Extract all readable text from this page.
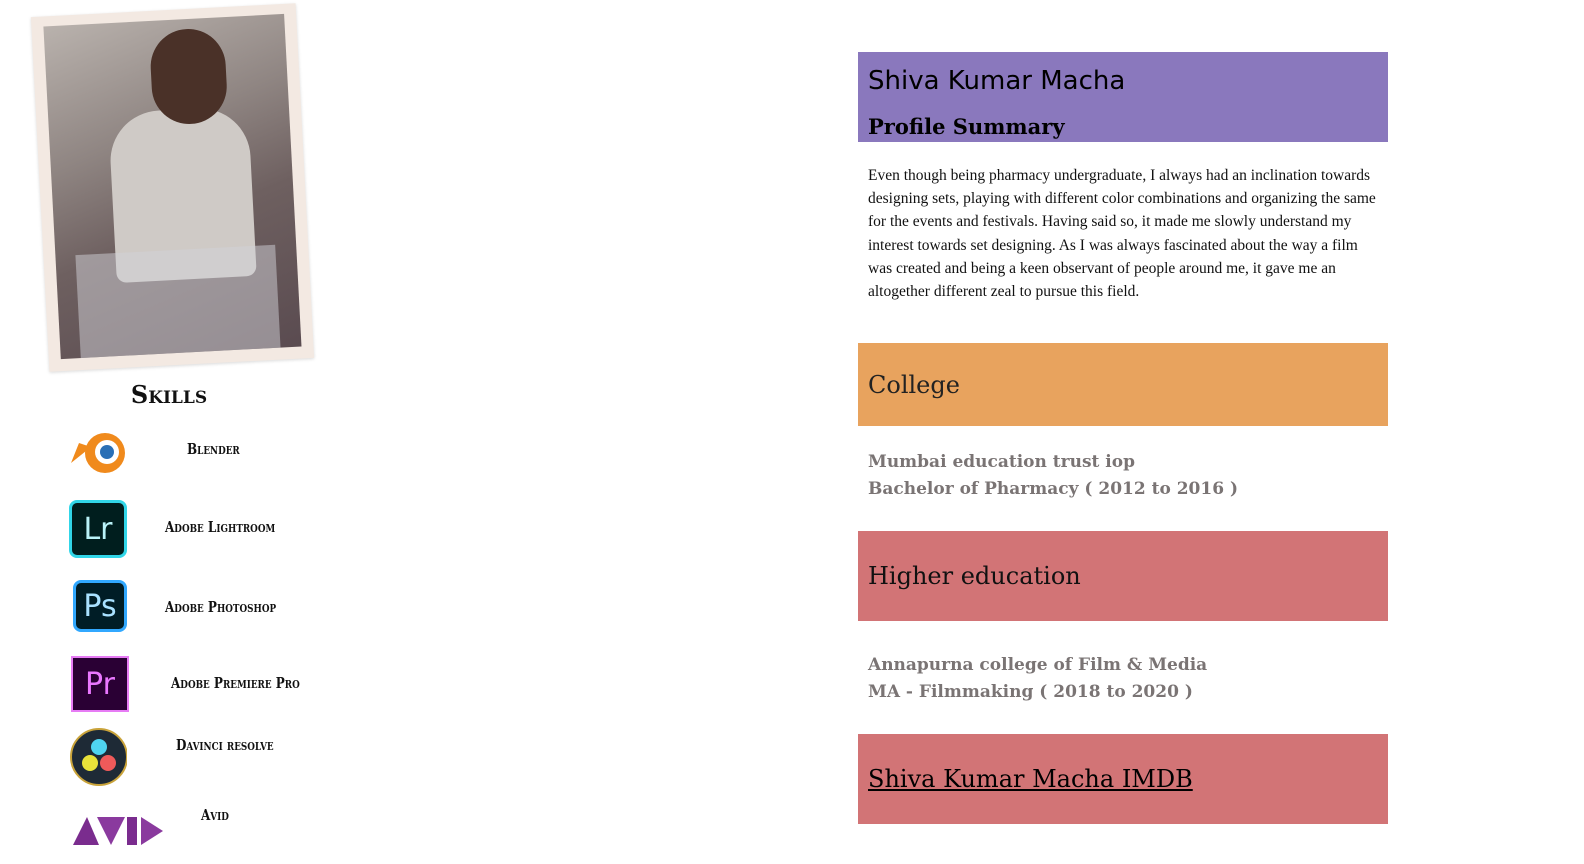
Skills
Blender
Lr	Adobe Lightroom
Ps	Adobe Photoshop
Pr	Adobe Premiere Pro
Davinci resolve
Avid
Shiva Kumar Macha
Profile Summary
Even though being pharmacy undergraduate, I always had an inclination towards designing sets, playing with different color combinations and organizing the same for the events and festivals. Having said so, it made me slowly understand my interest towards set designing. As I was always fascinated about the way a film was created and being a keen observant of people around me, it gave me an altogether different zeal to pursue this field.
College
Mumbai education trust iop
Bachelor of Pharmacy ( 2012 to 2016 )
Higher education
Annapurna college of Film & Media
MA - Filmmaking ( 2018 to 2020 )
Shiva Kumar Macha IMDB
